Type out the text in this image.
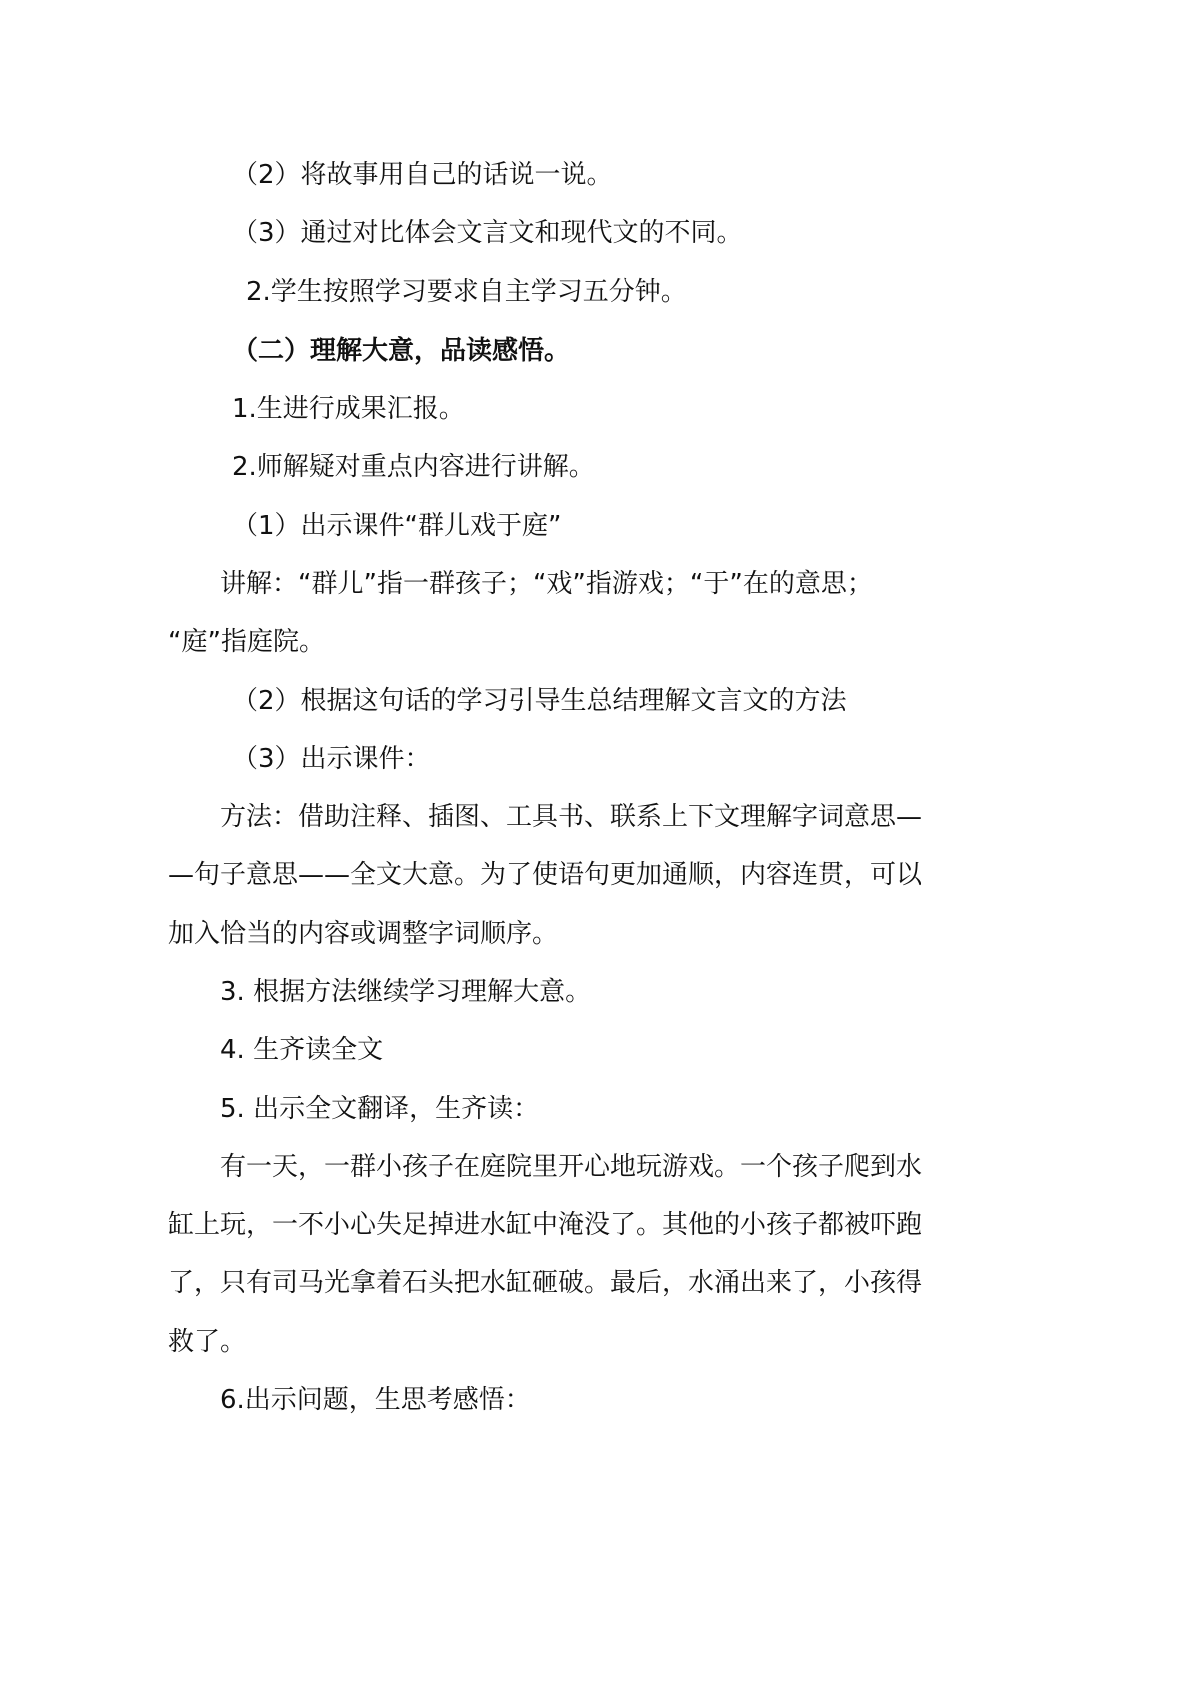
（2）将故事用自己的话说一说。
（3）通过对比体会文言文和现代文的不同。
2.学生按照学习要求自主学习五分钟。
（二）理解大意，品读感悟。
1.生进行成果汇报。
2.师解疑对重点内容进行讲解。
（1）出示课件“群儿戏于庭”
讲解：“群儿”指一群孩子；“戏”指游戏；“于”在的意思；
“庭”指庭院。
（2）根据这句话的学习引导生总结理解文言文的方法
（3）出示课件：
方法：借助注释、插图、工具书、联系上下文理解字词意思—
—句子意思——全文大意。为了使语句更加通顺，内容连贯，可以
加入恰当的内容或调整字词顺序。
3. 根据方法继续学习理解大意。
4. 生齐读全文
5. 出示全文翻译，生齐读：
有一天，一群小孩子在庭院里开心地玩游戏。一个孩子爬到水
缸上玩，一不小心失足掉进水缸中淹没了。其他的小孩子都被吓跑
了，只有司马光拿着石头把水缸砸破。最后，水涌出来了，小孩得
救了。
6.出示问题，生思考感悟：
